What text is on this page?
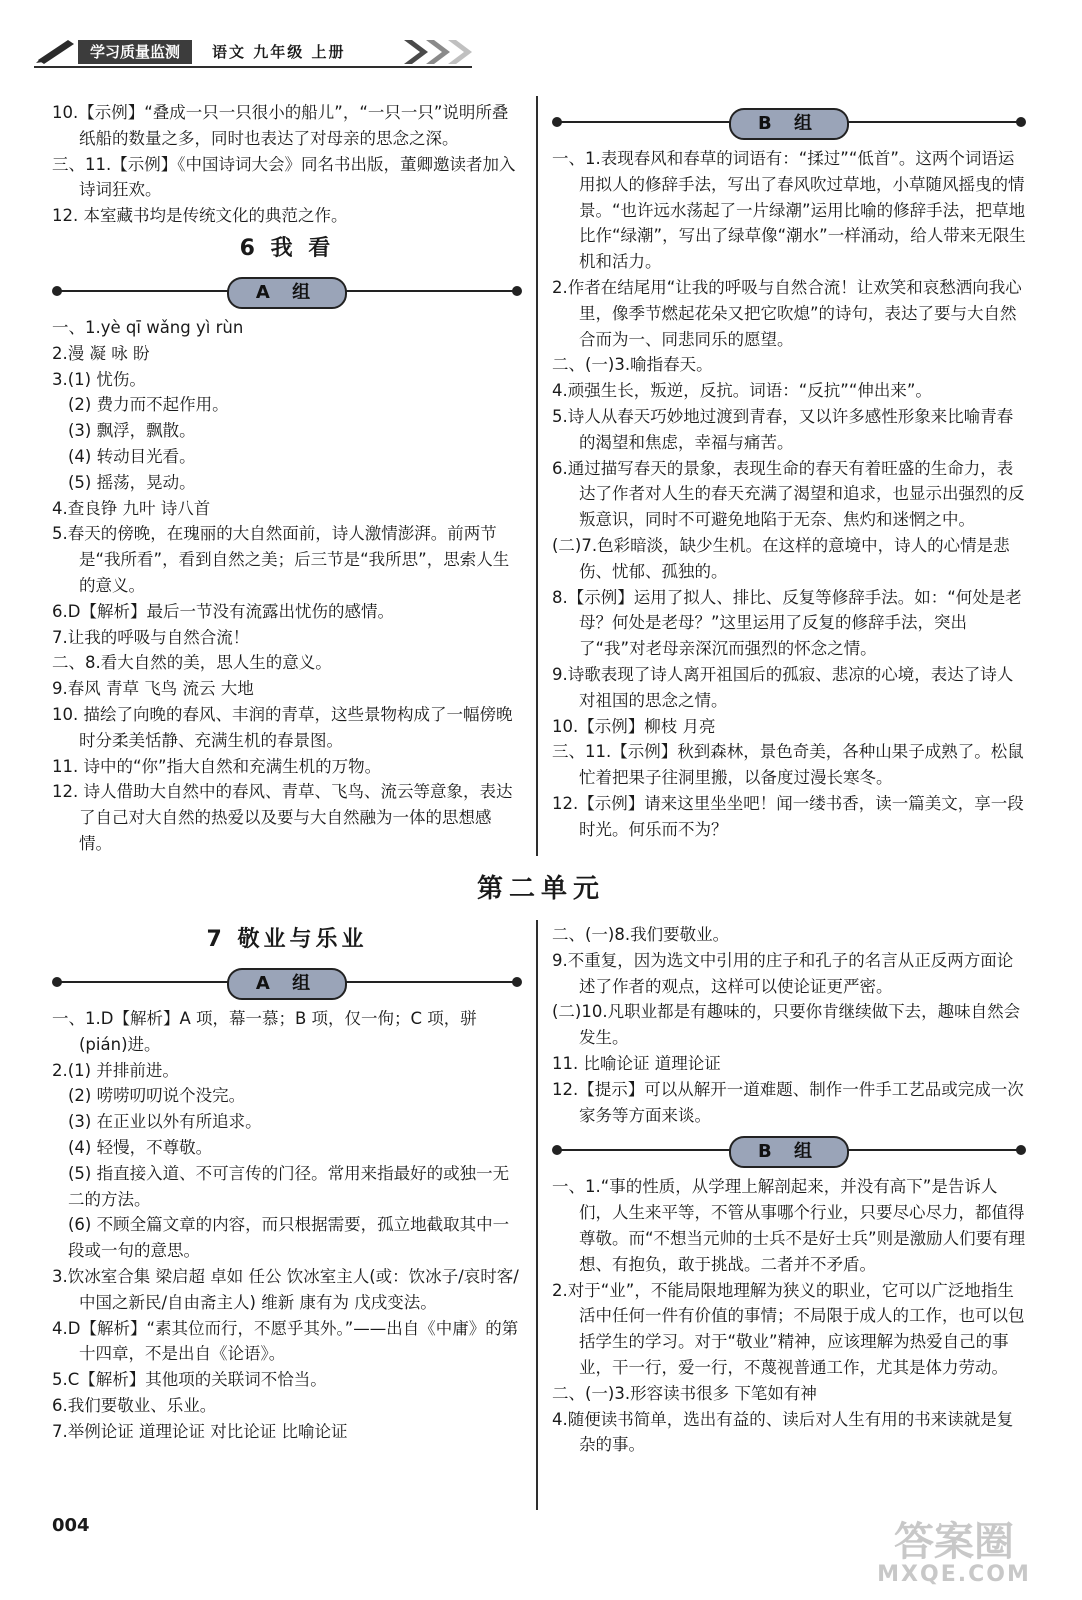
学习质量监测	语文 九年级 上册

10.【示例】“叠成一只一只很小的船儿”，“一只一只”说明所叠纸船的数量之多，同时也表达了对母亲的思念之深。

三、11.【示例】《中国诗词大会》同名书出版，董卿邀读者加入诗词狂欢。

12. 本室藏书均是传统文化的典范之作。

6 我 看
A 组

一、1.yè qī wǎng yì rùn

2.漫 凝 咏 盼

3.(1) 忧伤。

(2) 费力而不起作用。

(3) 飘浮，飘散。

(4) 转动目光看。

(5) 摇荡，晃动。

4.查良铮 九叶 诗八首

5.春天的傍晚，在瑰丽的大自然面前，诗人激情澎湃。前两节是“我所看”，看到自然之美；后三节是“我所思”，思索人生的意义。

6.D【解析】最后一节没有流露出忧伤的感情。

7.让我的呼吸与自然合流！

二、8.看大自然的美，思人生的意义。

9.春风 青草 飞鸟 流云 大地

10. 描绘了向晚的春风、丰润的青草，这些景物构成了一幅傍晚时分柔美恬静、充满生机的春景图。

11. 诗中的“你”指大自然和充满生机的万物。

12. 诗人借助大自然中的春风、青草、飞鸟、流云等意象，表达了自己对大自然的热爱以及要与大自然融为一体的思想感情。

B 组

一、1.表现春风和春草的词语有：“揉过”“低首”。这两个词语运用拟人的修辞手法，写出了春风吹过草地，小草随风摇曳的情景。“也许远水荡起了一片绿潮”运用比喻的修辞手法，把草地比作“绿潮”，写出了绿草像“潮水”一样涌动，给人带来无限生机和活力。

2.作者在结尾用“让我的呼吸与自然合流！让欢笑和哀愁洒向我心里，像季节燃起花朵又把它吹熄”的诗句，表达了要与大自然合而为一、同悲同乐的愿望。

二、(一)3.喻指春天。

4.顽强生长，叛逆，反抗。词语：“反抗”“伸出来”。

5.诗人从春天巧妙地过渡到青春，又以许多感性形象来比喻青春的渴望和焦虑，幸福与痛苦。

6.通过描写春天的景象，表现生命的春天有着旺盛的生命力，表达了作者对人生的春天充满了渴望和追求，也显示出强烈的反叛意识，同时不可避免地陷于无奈、焦灼和迷惘之中。

(二)7.色彩暗淡，缺少生机。在这样的意境中，诗人的心情是悲伤、忧郁、孤独的。

8.【示例】运用了拟人、排比、反复等修辞手法。如：“何处是老母？何处是老母？”这里运用了反复的修辞手法，突出了“我”对老母亲深沉而强烈的怀念之情。

9.诗歌表现了诗人离开祖国后的孤寂、悲凉的心境，表达了诗人对祖国的思念之情。

10.【示例】柳枝 月亮

三、11.【示例】秋到森林，景色奇美，各种山果子成熟了。松鼠忙着把果子往洞里搬，以备度过漫长寒冬。

12.【示例】请来这里坐坐吧！闻一缕书香，读一篇美文，享一段时光。何乐而不为？

第二单元
7 敬业与乐业
A 组

一、1.D【解析】A 项，幕一慕；B 项，仅一佝；C 项，骈(pián)进。

2.(1) 并排前进。

(2) 唠唠叨叨说个没完。

(3) 在正业以外有所追求。

(4) 轻慢，不尊敬。

(5) 指直接入道、不可言传的门径。常用来指最好的或独一无二的方法。

(6) 不顾全篇文章的内容，而只根据需要，孤立地截取其中一段或一句的意思。

3.饮冰室合集 梁启超 卓如 任公 饮冰室主人(或：饮冰子/哀时客/中国之新民/自由斋主人) 维新 康有为 戊戌变法。

4.D【解析】“素其位而行，不愿乎其外。”——出自《中庸》的第十四章，不是出自《论语》。

5.C【解析】其他项的关联词不恰当。

6.我们要敬业、乐业。

7.举例论证 道理论证 对比论证 比喻论证

二、(一)8.我们要敬业。

9.不重复，因为选文中引用的庄子和孔子的名言从正反两方面论述了作者的观点，这样可以使论证更严密。

(二)10.凡职业都是有趣味的，只要你肯继续做下去，趣味自然会发生。

11. 比喻论证 道理论证

12.【提示】可以从解开一道难题、制作一件手工艺品或完成一次家务等方面来谈。

B 组

一、1.“事的性质，从学理上解剖起来，并没有高下”是告诉人们，人生来平等，不管从事哪个行业，只要尽心尽力，都值得尊敬。而“不想当元帅的士兵不是好士兵”则是激励人们要有理想、有抱负，敢于挑战。二者并不矛盾。

2.对于“业”，不能局限地理解为狭义的职业，它可以广泛地指生活中任何一件有价值的事情；不局限于成人的工作，也可以包括学生的学习。对于“敬业”精神，应该理解为热爱自己的事业，干一行，爱一行，不蔑视普通工作，尤其是体力劳动。

二、(一)3.形容读书很多 下笔如有神

4.随便读书简单，选出有益的、读后对人生有用的书来读就是复杂的事。

004	答案圈
MXQE.COM
